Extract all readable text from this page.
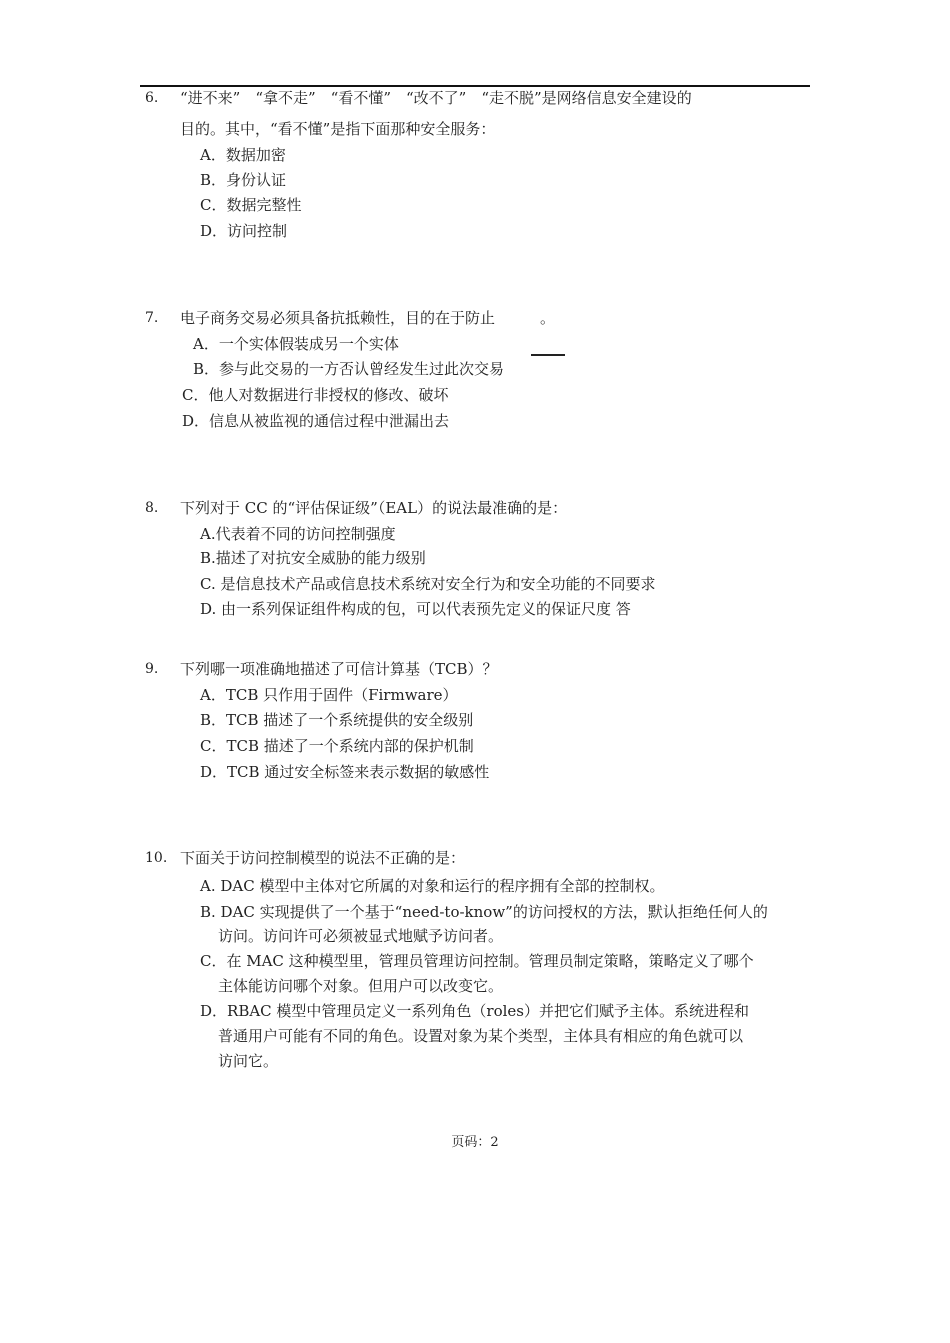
6. “进不来”　“拿不走”　“看不懂”　“改不了”　“走不脱”是网络信息安全建设的
目的。其中，“看不懂”是指下面那种安全服务：
A．数据加密
B．身份认证
C．数据完整性
D．访问控制
7. 电子商务交易必须具备抗抵赖性，目的在于防止　　　。
A．一个实体假装成另一个实体
B．参与此交易的一方否认曾经发生过此次交易
C．他人对数据进行非授权的修改、破坏
D．信息从被监视的通信过程中泄漏出去
8. 下列对于 CC 的“评估保证级”（EAL）的说法最准确的是：
A.代表着不同的访问控制强度
B.描述了对抗安全威胁的能力级别
C. 是信息技术产品或信息技术系统对安全行为和安全功能的不同要求
D. 由一系列保证组件构成的包，可以代表预先定义的保证尺度 答
9. 下列哪一项准确地描述了可信计算基（TCB）？
A．TCB 只作用于固件（Firmware）
B．TCB 描述了一个系统提供的安全级别
C．TCB 描述了一个系统内部的保护机制
D．TCB 通过安全标签来表示数据的敏感性
10. 下面关于访问控制模型的说法不正确的是：
A. DAC 模型中主体对它所属的对象和运行的程序拥有全部的控制权。
B. DAC 实现提供了一个基于“need-to-know”的访问授权的方法，默认拒绝任何人的
访问。访问许可必须被显式地赋予访问者。
C．在 MAC 这种模型里，管理员管理访问控制。管理员制定策略，策略定义了哪个
主体能访问哪个对象。但用户可以改变它。
D．RBAC 模型中管理员定义一系列角色（roles）并把它们赋予主体。系统进程和
普通用户可能有不同的角色。设置对象为某个类型，主体具有相应的角色就可以
访问它。
页码：2
